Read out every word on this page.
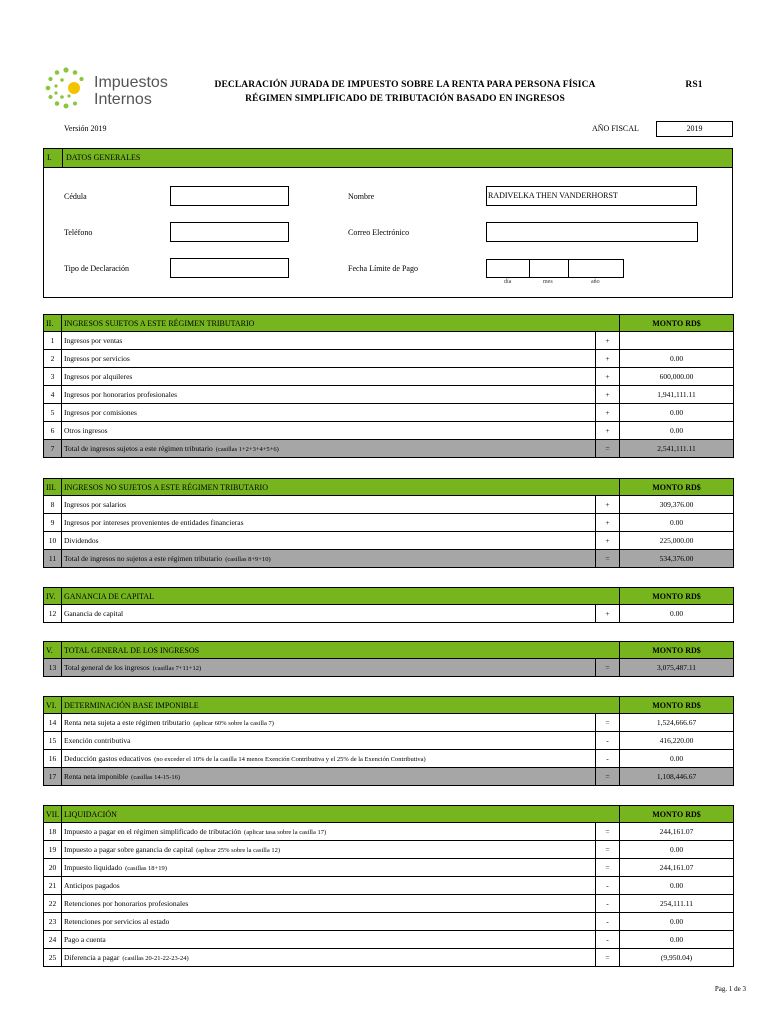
Impuestos
Internos
DECLARACIÓN JURADA DE IMPUESTO SOBRE LA RENTA PARA PERSONA FÍSICA
RÉGIMEN SIMPLIFICADO DE TRIBUTACIÓN BASADO EN INGRESOS
RS1
Versión 2019	AÑO FISCAL	2019
I. DATOS GENERALES
Cédula	Nombre	RADIVELKA THEN VANDERHORST
Teléfono	Correo Electrónico
Tipo de Declaración	Fecha Límite de Pago
día	mes	año
II.	INGRESOS SUJETOS A ESTE RÉGIMEN TRIBUTARIO		MONTO RD$
1	Ingresos por ventas	+	
2	Ingresos por servicios	+	0.00
3	Ingresos por alquileres	+	600,000.00
4	Ingresos por honorarios profesionales	+	1,941,111.11
5	Ingresos por comisiones	+	0.00
6	Otros ingresos	+	0.00
7	Total de ingresos sujetos a este régimen tributario (casillas 1+2+3+4+5+6)	=	2,541,111.11
III.	INGRESOS NO SUJETOS A ESTE RÉGIMEN TRIBUTARIO		MONTO RD$
8	Ingresos por salarios	+	309,376.00
9	Ingresos por intereses provenientes de entidades financieras	+	0.00
10	Dividendos	+	225,000.00
11	Total de ingresos no sujetos a este régimen tributario (casillas 8+9+10)	=	534,376.00
IV.	GANANCIA DE CAPITAL		MONTO RD$
12	Ganancia de capital	+	0.00
V.	TOTAL GENERAL DE LOS INGRESOS		MONTO RD$
13	Total general de los ingresos (casillas 7+11+12)	=	3,075,487.11
VI.	DETERMINACIÓN BASE IMPONIBLE		MONTO RD$
14	Renta neta sujeta a este régimen tributario (aplicar 60% sobre la casilla 7)	=	1,524,666.67
15	Exención contributiva	-	416,220.00
16	Deducción gastos educativos (no exceder el 10% de la casilla 14 menos Exención Contributiva y el 25% de la Exención Contributiva)	-	0.00
17	Renta neta imponible (casillas 14-15-16)	=	1,108,446.67
VII.	LIQUIDACIÓN		MONTO RD$
18	Impuesto a pagar en el régimen simplificado de tributación (aplicar tasa sobre la casilla 17)	=	244,161.07
19	Impuesto a pagar sobre ganancia de capital (aplicar 25% sobre la casilla 12)	=	0.00
20	Impuesto liquidado (casillas 18+19)	=	244,161.07
21	Anticipos pagados	-	0.00
22	Retenciones por honorarios profesionales	-	254,111.11
23	Retenciones por servicios al estado	-	0.00
24	Pago a cuenta	-	0.00
25	Diferencia a pagar (casillas 20-21-22-23-24)	=	(9,950.04)
Pag. 1 de 3
